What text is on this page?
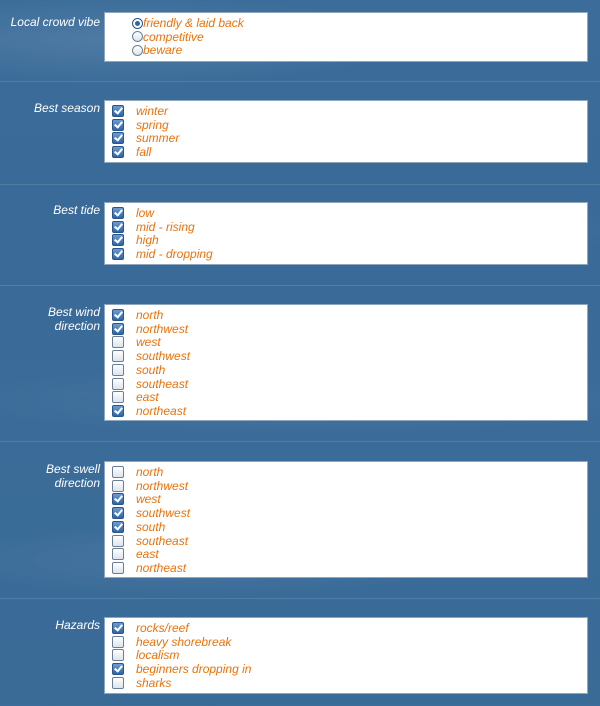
Local crowd vibe	friendly & laid back
competitive
beware
Best season	winter
spring
summer
fall
Best tide	low
mid - rising
high
mid - dropping
Best wind
direction
north
northwest
west
southwest
south
southeast
east
northeast
Best swell
direction
north
northwest
west
southwest
south
southeast
east
northeast
Hazards	rocks/reef
heavy shorebreak
localism
beginners dropping in
sharks
